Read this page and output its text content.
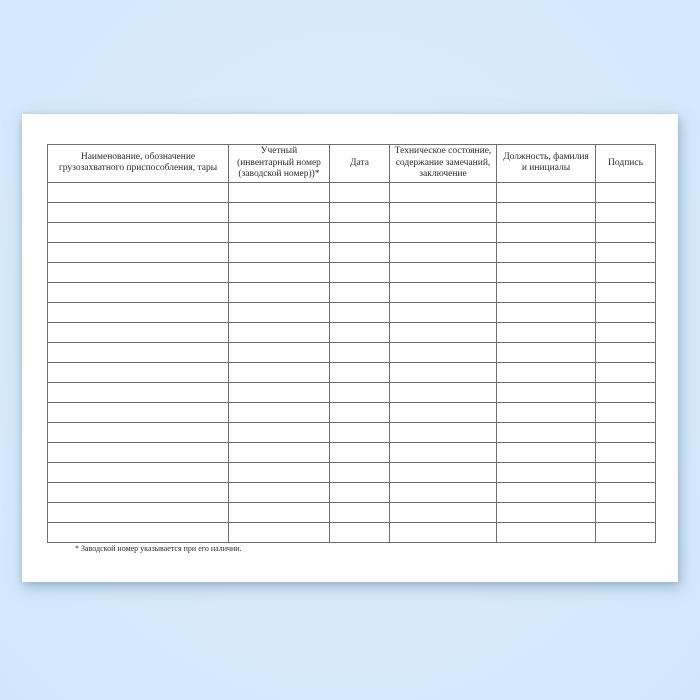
Наименование, обозначение грузозахватного приспособления, тары	Учетный (инвентарный номер (заводской номер))*	Дата	Техническое состояние, содержание замечаний, заключение	Должность, фамилия и инициалы	Подпись

* Заводской номер указывается при его наличии.
